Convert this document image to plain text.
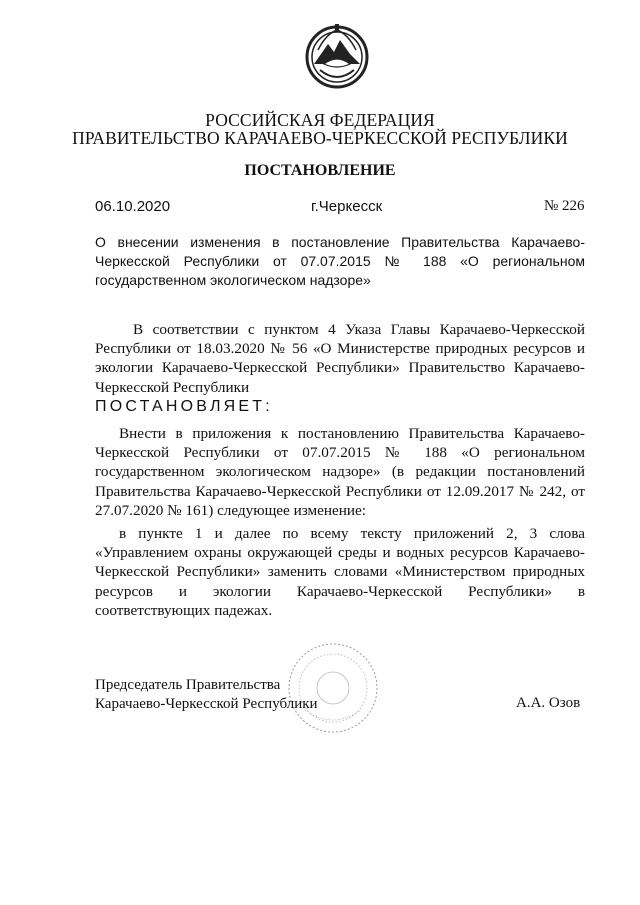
РОССИЙСКАЯ ФЕДЕРАЦИЯ
ПРАВИТЕЛЬСТВО КАРАЧАЕВО-ЧЕРКЕССКОЙ РЕСПУБЛИКИ
ПОСТАНОВЛЕНИЕ
06.10.2020	г.Черкесск	№ 226
О внесении изменения в постановление Правительства Карачаево-Черкесской Республики от 07.07.2015 № 188 «О региональном государственном экологическом надзоре»
В соответствии с пунктом 4 Указа Главы Карачаево-Черкесской Республики от 18.03.2020 № 56 «О Министерстве природных ресурсов и экологии Карачаево-Черкесской Республики» Правительство Карачаево-Черкесской Республики
ПОСТАНОВЛЯЕТ:
Внести в приложения к постановлению Правительства Карачаево-Черкесской Республики от 07.07.2015 № 188 «О региональном государственном экологическом надзоре» (в редакции постановлений Правительства Карачаево-Черкесской Республики от 12.09.2017 № 242, от 27.07.2020 № 161) следующее изменение:
в пункте 1 и далее по всему тексту приложений 2, 3 слова «Управлением охраны окружающей среды и водных ресурсов Карачаево-Черкесской Республики» заменить словами «Министерством природных ресурсов и экологии Карачаево-Черкесской Республики» в соответствующих падежах.
Председатель Правительства
Карачаево-Черкесской Республики	А.А. Озов
